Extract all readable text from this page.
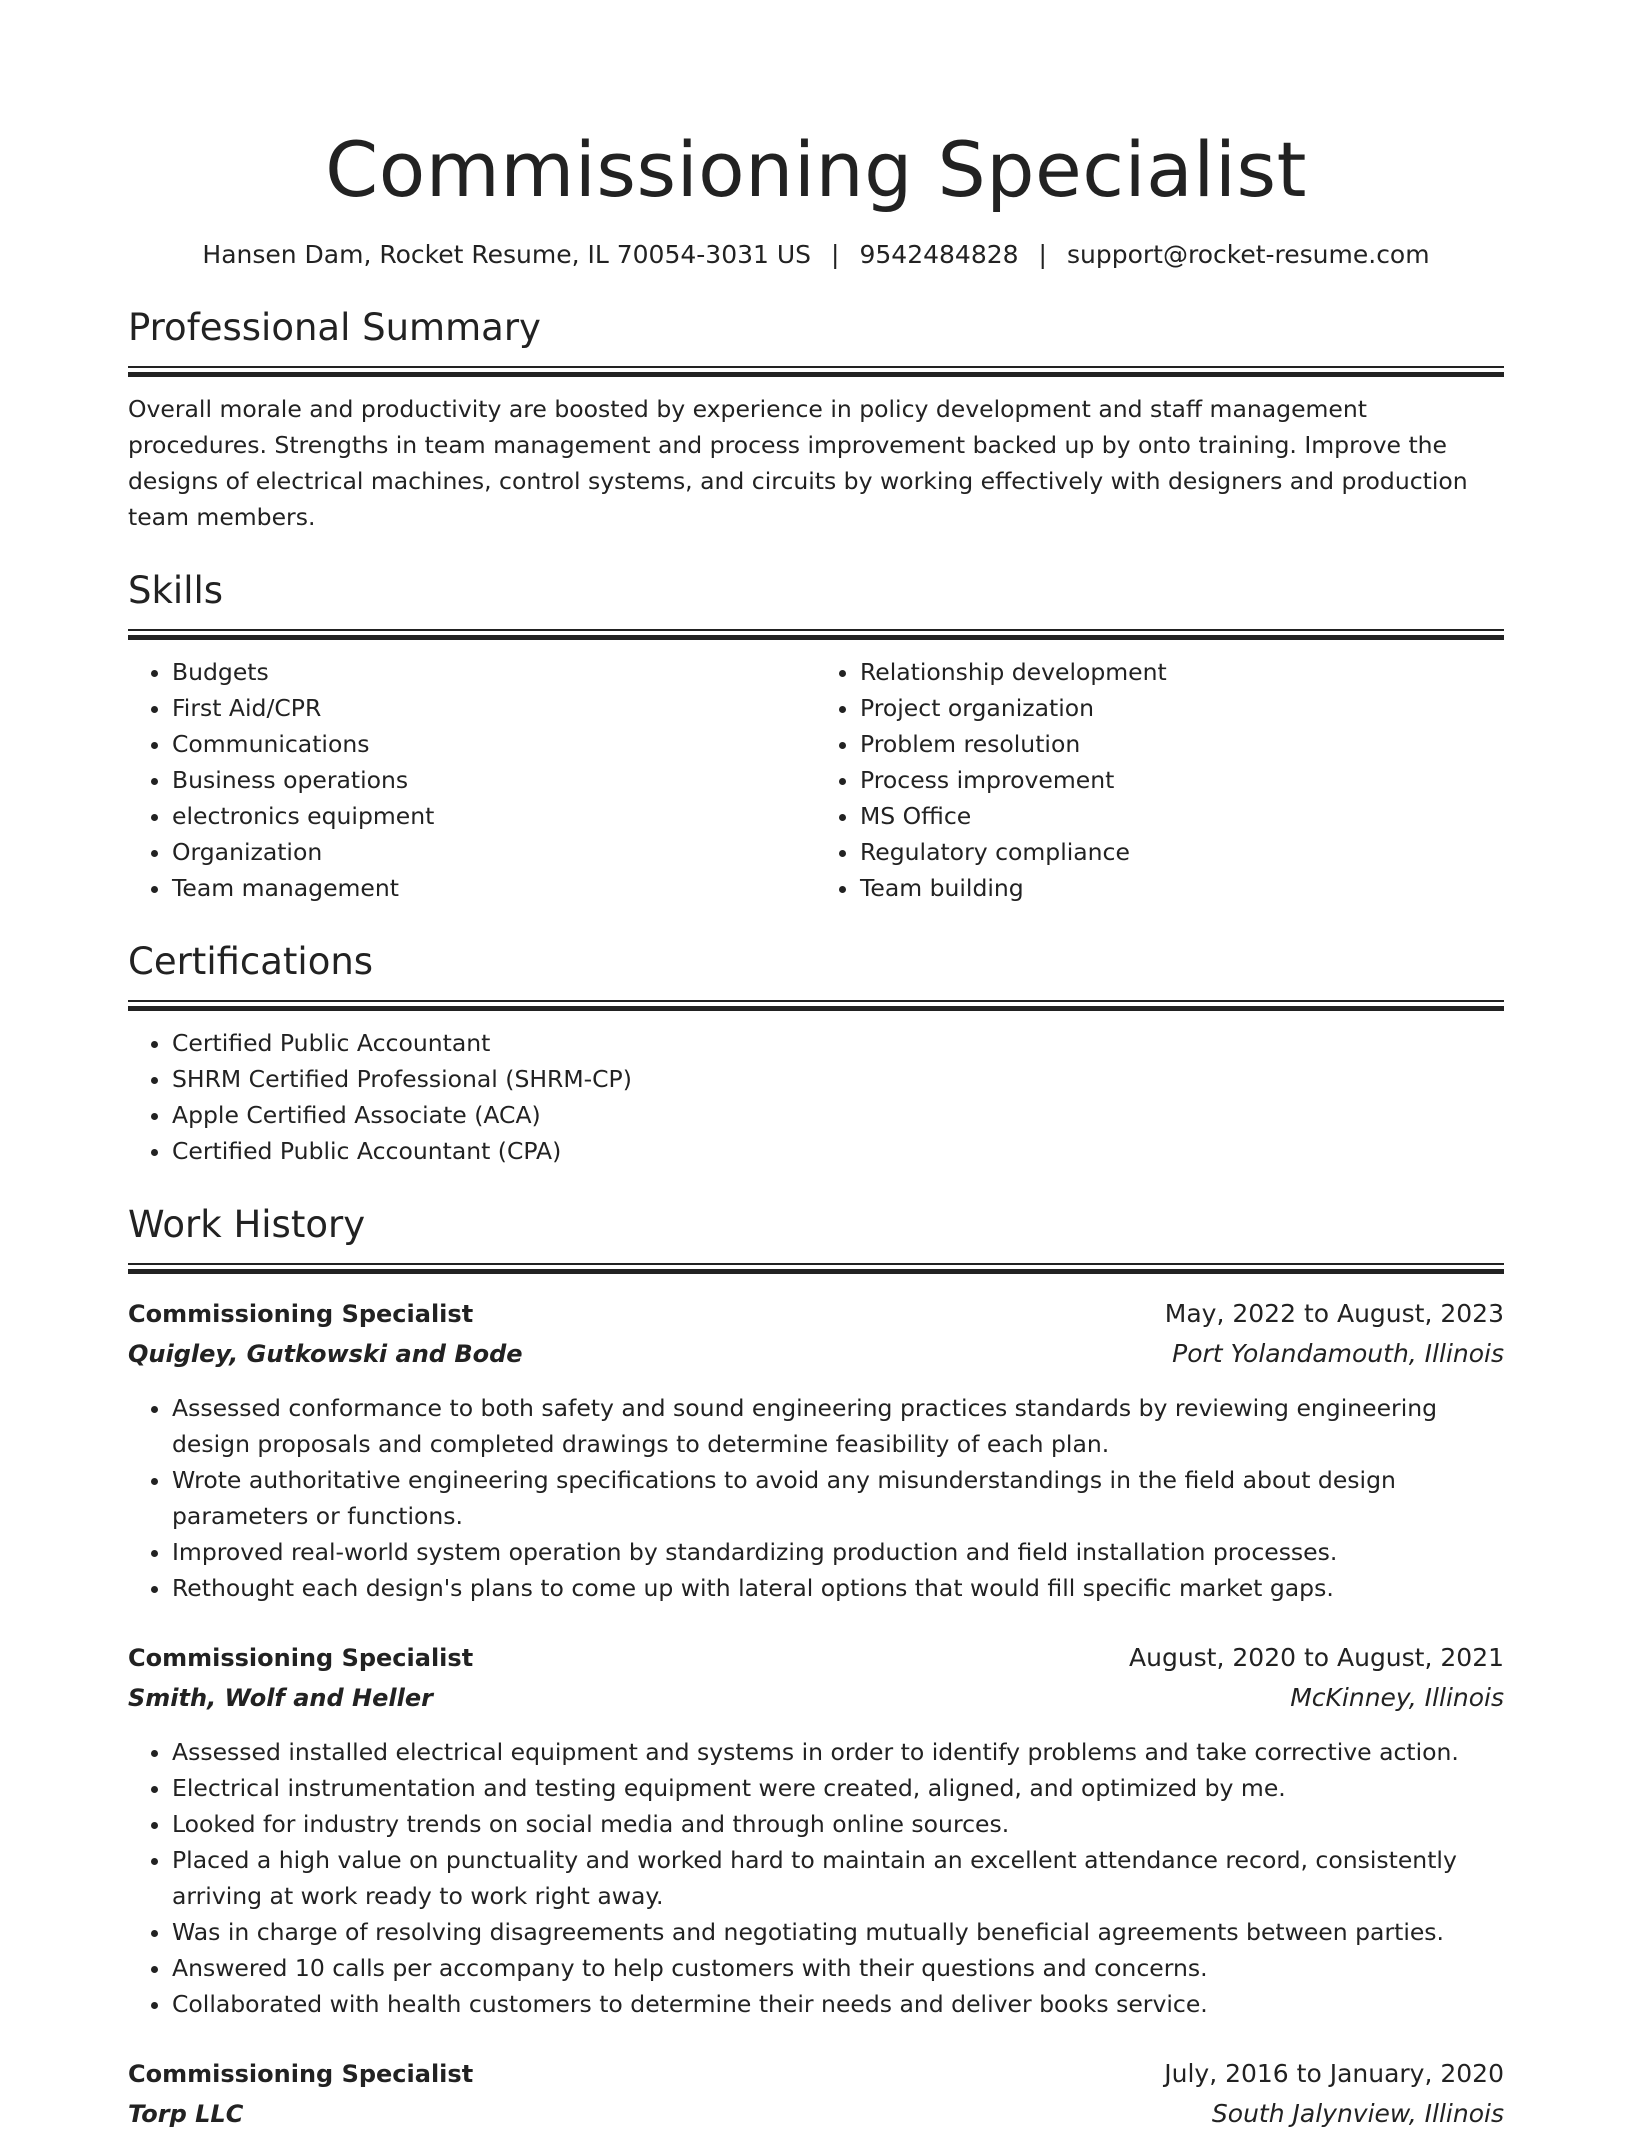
Commissioning Specialist
Hansen Dam, Rocket Resume, IL 70054-3031 US | 9542484828 | support@rocket-resume.com
Professional Summary
Overall morale and productivity are boosted by experience in policy development and staff management procedures. Strengths in team management and process improvement backed up by onto training. Improve the designs of electrical machines, control systems, and circuits by working effectively with designers and production team members.
Skills
• Budgets
• First Aid/CPR
• Communications
• Business operations
• electronics equipment
• Organization
• Team management
• Relationship development
• Project organization
• Problem resolution
• Process improvement
• MS Office
• Regulatory compliance
• Team building
Certifications
• Certified Public Accountant
• SHRM Certified Professional (SHRM-CP)
• Apple Certified Associate (ACA)
• Certified Public Accountant (CPA)
Work History
Commissioning Specialist	May, 2022 to August, 2023
Quigley, Gutkowski and Bode	Port Yolandamouth, Illinois
• Assessed conformance to both safety and sound engineering practices standards by reviewing engineering design proposals and completed drawings to determine feasibility of each plan.
• Wrote authoritative engineering specifications to avoid any misunderstandings in the field about design parameters or functions.
• Improved real-world system operation by standardizing production and field installation processes.
• Rethought each design's plans to come up with lateral options that would fill specific market gaps.
Commissioning Specialist	August, 2020 to August, 2021
Smith, Wolf and Heller	McKinney, Illinois
• Assessed installed electrical equipment and systems in order to identify problems and take corrective action.
• Electrical instrumentation and testing equipment were created, aligned, and optimized by me.
• Looked for industry trends on social media and through online sources.
• Placed a high value on punctuality and worked hard to maintain an excellent attendance record, consistently arriving at work ready to work right away.
• Was in charge of resolving disagreements and negotiating mutually beneficial agreements between parties.
• Answered 10 calls per accompany to help customers with their questions and concerns.
• Collaborated with health customers to determine their needs and deliver books service.
Commissioning Specialist	July, 2016 to January, 2020
Torp LLC	South Jalynview, Illinois
